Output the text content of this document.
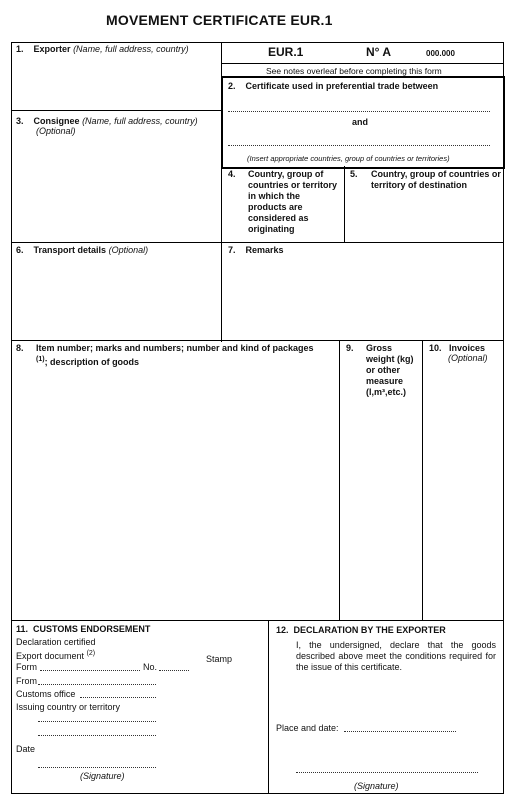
MOVEMENT CERTIFICATE EUR.1
EUR.1	N° A	000.000
See notes overleaf before completing this form
1. Exporter (Name, full address, country)
2. Certificate used in preferential trade between
and
(Insert appropriate countries, group of countries or territories)
3. Consignee (Name, full address, country)
(Optional)
4. Country, group of countries or territory in which the products are considered as originating
5. Country, group of countries or territory of destination
6. Transport details (Optional)	7. Remarks
8. Item number; marks and numbers; number and kind of packages
$^{(1)}$; description of goods
9. Gross weight (kg) or other measure (l,m³,etc.)
10. Invoices
(Optional)
11. CUSTOMS ENDORSEMENT
Declaration certified
Export document $^{(2)}$
Form	No.
Stamp
From
Customs office
Issuing country or territory
Date
(Signature)
12. DECLARATION BY THE EXPORTER
I, the undersigned, declare that the goods described above meet the conditions required for the issue of this certificate.
Place and date:
(Signature)
